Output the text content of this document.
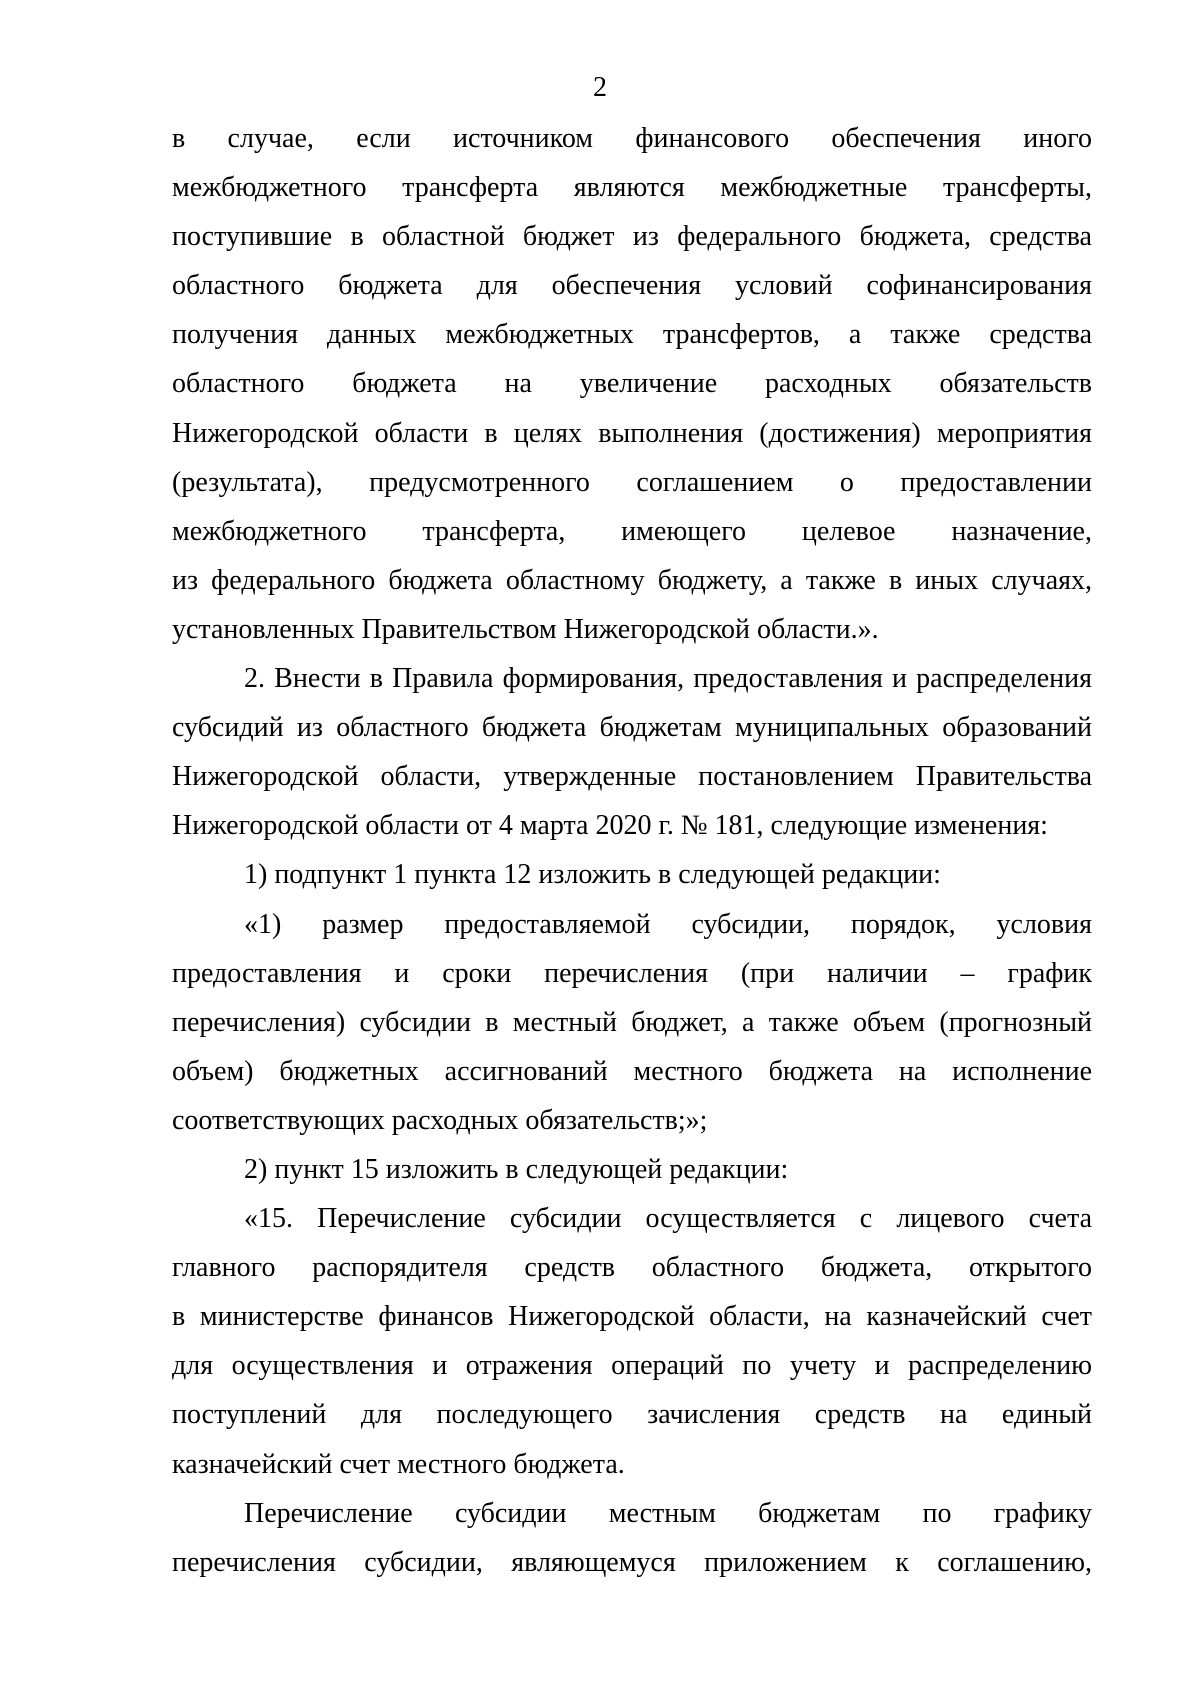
2
в случае, если источником финансового обеспечения иного
межбюджетного трансферта являются межбюджетные трансферты,
поступившие в областной бюджет из федерального бюджета, средства
областного бюджета для обеспечения условий софинансирования
получения данных межбюджетных трансфертов, а также средства
областного бюджета на увеличение расходных обязательств
Нижегородской области в целях выполнения (достижения) мероприятия
(результата), предусмотренного соглашением о предоставлении
межбюджетного трансферта, имеющего целевое назначение,
из федерального бюджета областному бюджету, а также в иных случаях,
установленных Правительством Нижегородской области.».
2. Внести в Правила формирования, предоставления и распределения
субсидий из областного бюджета бюджетам муниципальных образований
Нижегородской области, утвержденные постановлением Правительства
Нижегородской области от 4 марта 2020 г. № 181, следующие изменения:
1) подпункт 1 пункта 12 изложить в следующей редакции:
«1) размер предоставляемой субсидии, порядок, условия
предоставления и сроки перечисления (при наличии – график
перечисления) субсидии в местный бюджет, а также объем (прогнозный
объем) бюджетных ассигнований местного бюджета на исполнение
соответствующих расходных обязательств;»;
2) пункт 15 изложить в следующей редакции:
«15. Перечисление субсидии осуществляется с лицевого счета
главного распорядителя средств областного бюджета, открытого
в министерстве финансов Нижегородской области, на казначейский счет
для осуществления и отражения операций по учету и распределению
поступлений для последующего зачисления средств на единый
казначейский счет местного бюджета.
Перечисление субсидии местным бюджетам по графику
перечисления субсидии, являющемуся приложением к соглашению,
